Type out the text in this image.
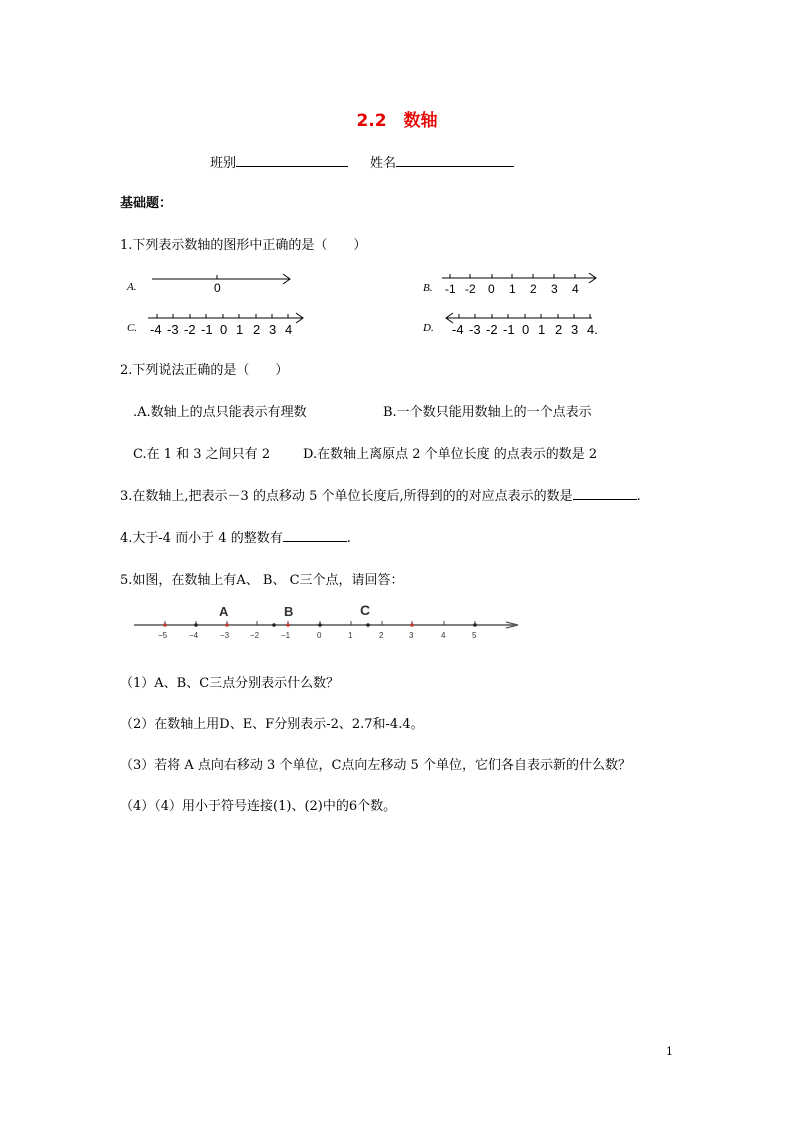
2.2　数轴
班别	姓名
基础题：
1.下列表示数轴的图形中正确的是（　　）
A.	0	B. -1 -2 0 1 2 3 4
C. -4 -3 -2 -1 0 1 2 3 4	D. -4 -3 -2 -1 0 1 2 3 4.
2.下列说法正确的是（　　）
.A.数轴上的点只能表示有理数	B.一个数只能用数轴上的一个点表示
C.在 1 和 3 之间只有 2	D.在数轴上离原点 2 个单位长度 的点表示的数是 2
3.在数轴上,把表示－3 的点移动 5 个单位长度后,所得到的的对应点表示的数是	.
4.大于-4 而小于 4 的整数有	.
5.如图，在数轴上有A、 B、 C三个点，请回答：
A	B	C
−5	−4	−3	−2	−1	0	1	2	3	4	5
（1）A、B、C三点分别表示什么数？
（2）在数轴上用D、E、F分别表示-2、2.7和-4.4。
（3）若将 A 点向右移动 3 个单位，C点向左移动 5 个单位，它们各自表示新的什么数？
（4）（4）用小于符号连接(1)、(2)中的6个数。
1
